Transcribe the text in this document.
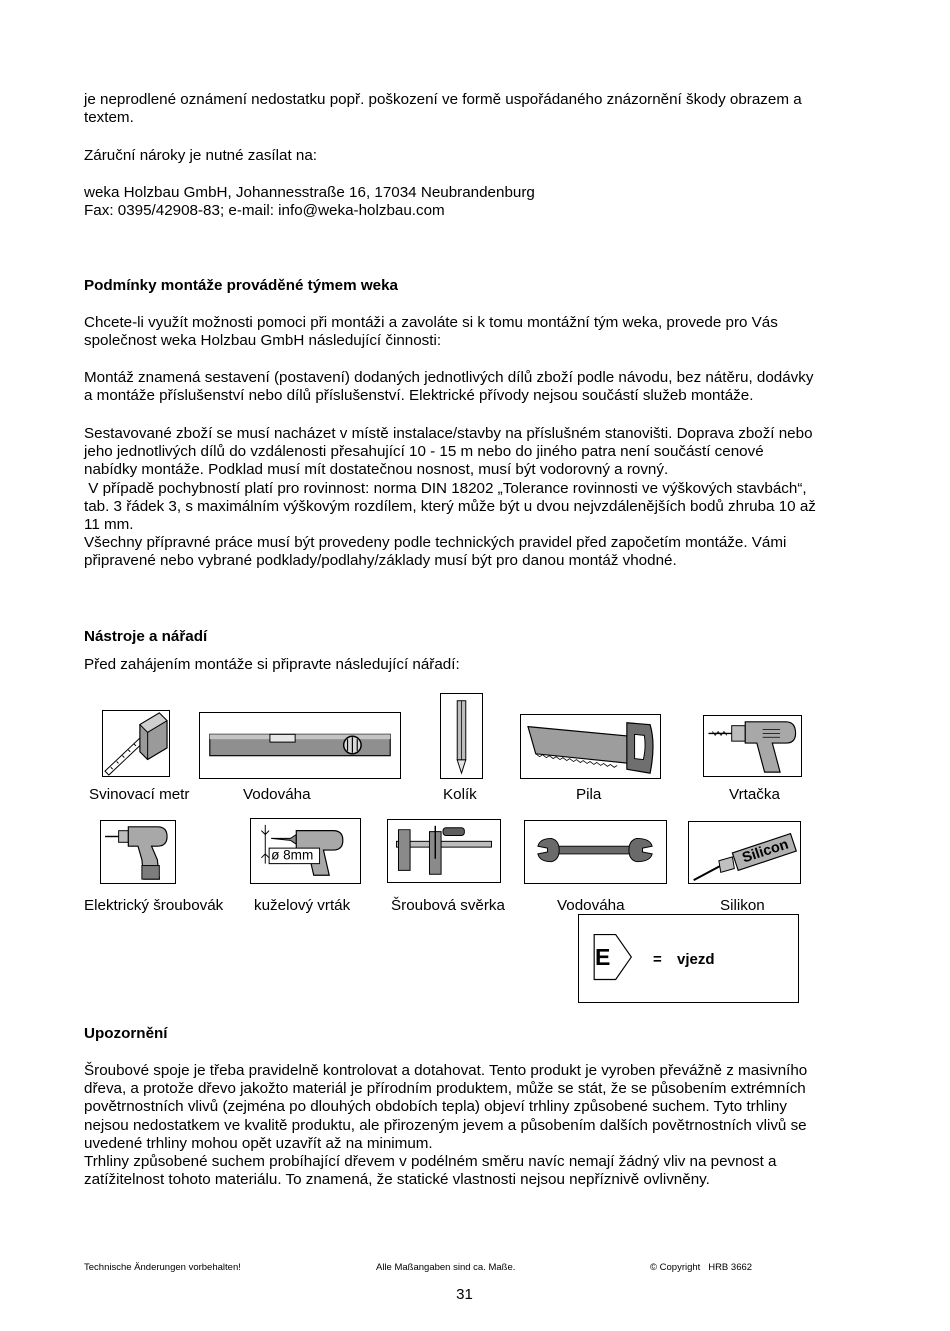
je neprodlené oznámení nedostatku popř. poškození ve formě uspořádaného znázornění škody obrazem a
textem.
Záruční nároky je nutné zasílat na:
weka Holzbau GmbH, Johannesstraße 16, 17034 Neubrandenburg
Fax: 0395/42908-83; e-mail: info@weka-holzbau.com
Podmínky montáže prováděné týmem weka
Chcete-li využít možnosti pomoci při montáži a zavoláte si k tomu montážní tým weka, provede pro Vás
společnost weka Holzbau GmbH následující činnosti:
Montáž znamená sestavení (postavení) dodaných jednotlivých dílů zboží podle návodu, bez nátěru, dodávky
a montáže příslušenství nebo dílů příslušenství. Elektrické přívody nejsou součástí služeb montáže.
Sestavované zboží se musí nacházet v místě instalace/stavby na příslušném stanovišti. Doprava zboží nebo
jeho jednotlivých dílů do vzdálenosti přesahující 10 - 15 m nebo do jiného patra není součástí cenové
nabídky montáže. Podklad musí mít dostatečnou nosnost, musí být vodorovný a rovný.
V případě pochybností platí pro rovinnost: norma DIN 18202 „Tolerance rovinnosti ve výškových stavbách“,
tab. 3 řádek 3, s maximálním výškovým rozdílem, který může být u dvou nejvzdálenějších bodů zhruba 10 až
11 mm.
Všechny přípravné práce musí být provedeny podle technických pravidel před započetím montáže. Vámi
připravené nebo vybrané podklady/podlahy/základy musí být pro danou montáž vhodné.
Nástroje a nářadí
Před zahájením montáže si připravte následující nářadí:
Svinovací metr	Vodováha	Kolík	Pila	Vrtačka
ø 8mm	Silicon
Elektrický šroubovák kuželový vrták	Šroubová svěrka	Vodováha	Silikon
E	= vjezd
Upozornění
Šroubové spoje je třeba pravidelně kontrolovat a dotahovat. Tento produkt je vyroben převážně z masivního
dřeva, a protože dřevo jakožto materiál je přírodním produktem, může se stát, že se působením extrémních
povětrnostních vlivů (zejména po dlouhých obdobích tepla) objeví trhliny způsobené suchem. Tyto trhliny
nejsou nedostatkem ve kvalitě produktu, ale přirozeným jevem a působením dalších povětrnostních vlivů se
uvedené trhliny mohou opět uzavřít až na minimum.
Trhliny způsobené suchem probíhající dřevem v podélném směru navíc nemají žádný vliv na pevnost a
zatížitelnost tohoto materiálu. To znamená, že statické vlastnosti nejsou nepříznivě ovlivněny.
Technische Änderungen vorbehalten!	Alle Maßangaben sind ca. Maße.	© Copyright   HRB 3662
31
